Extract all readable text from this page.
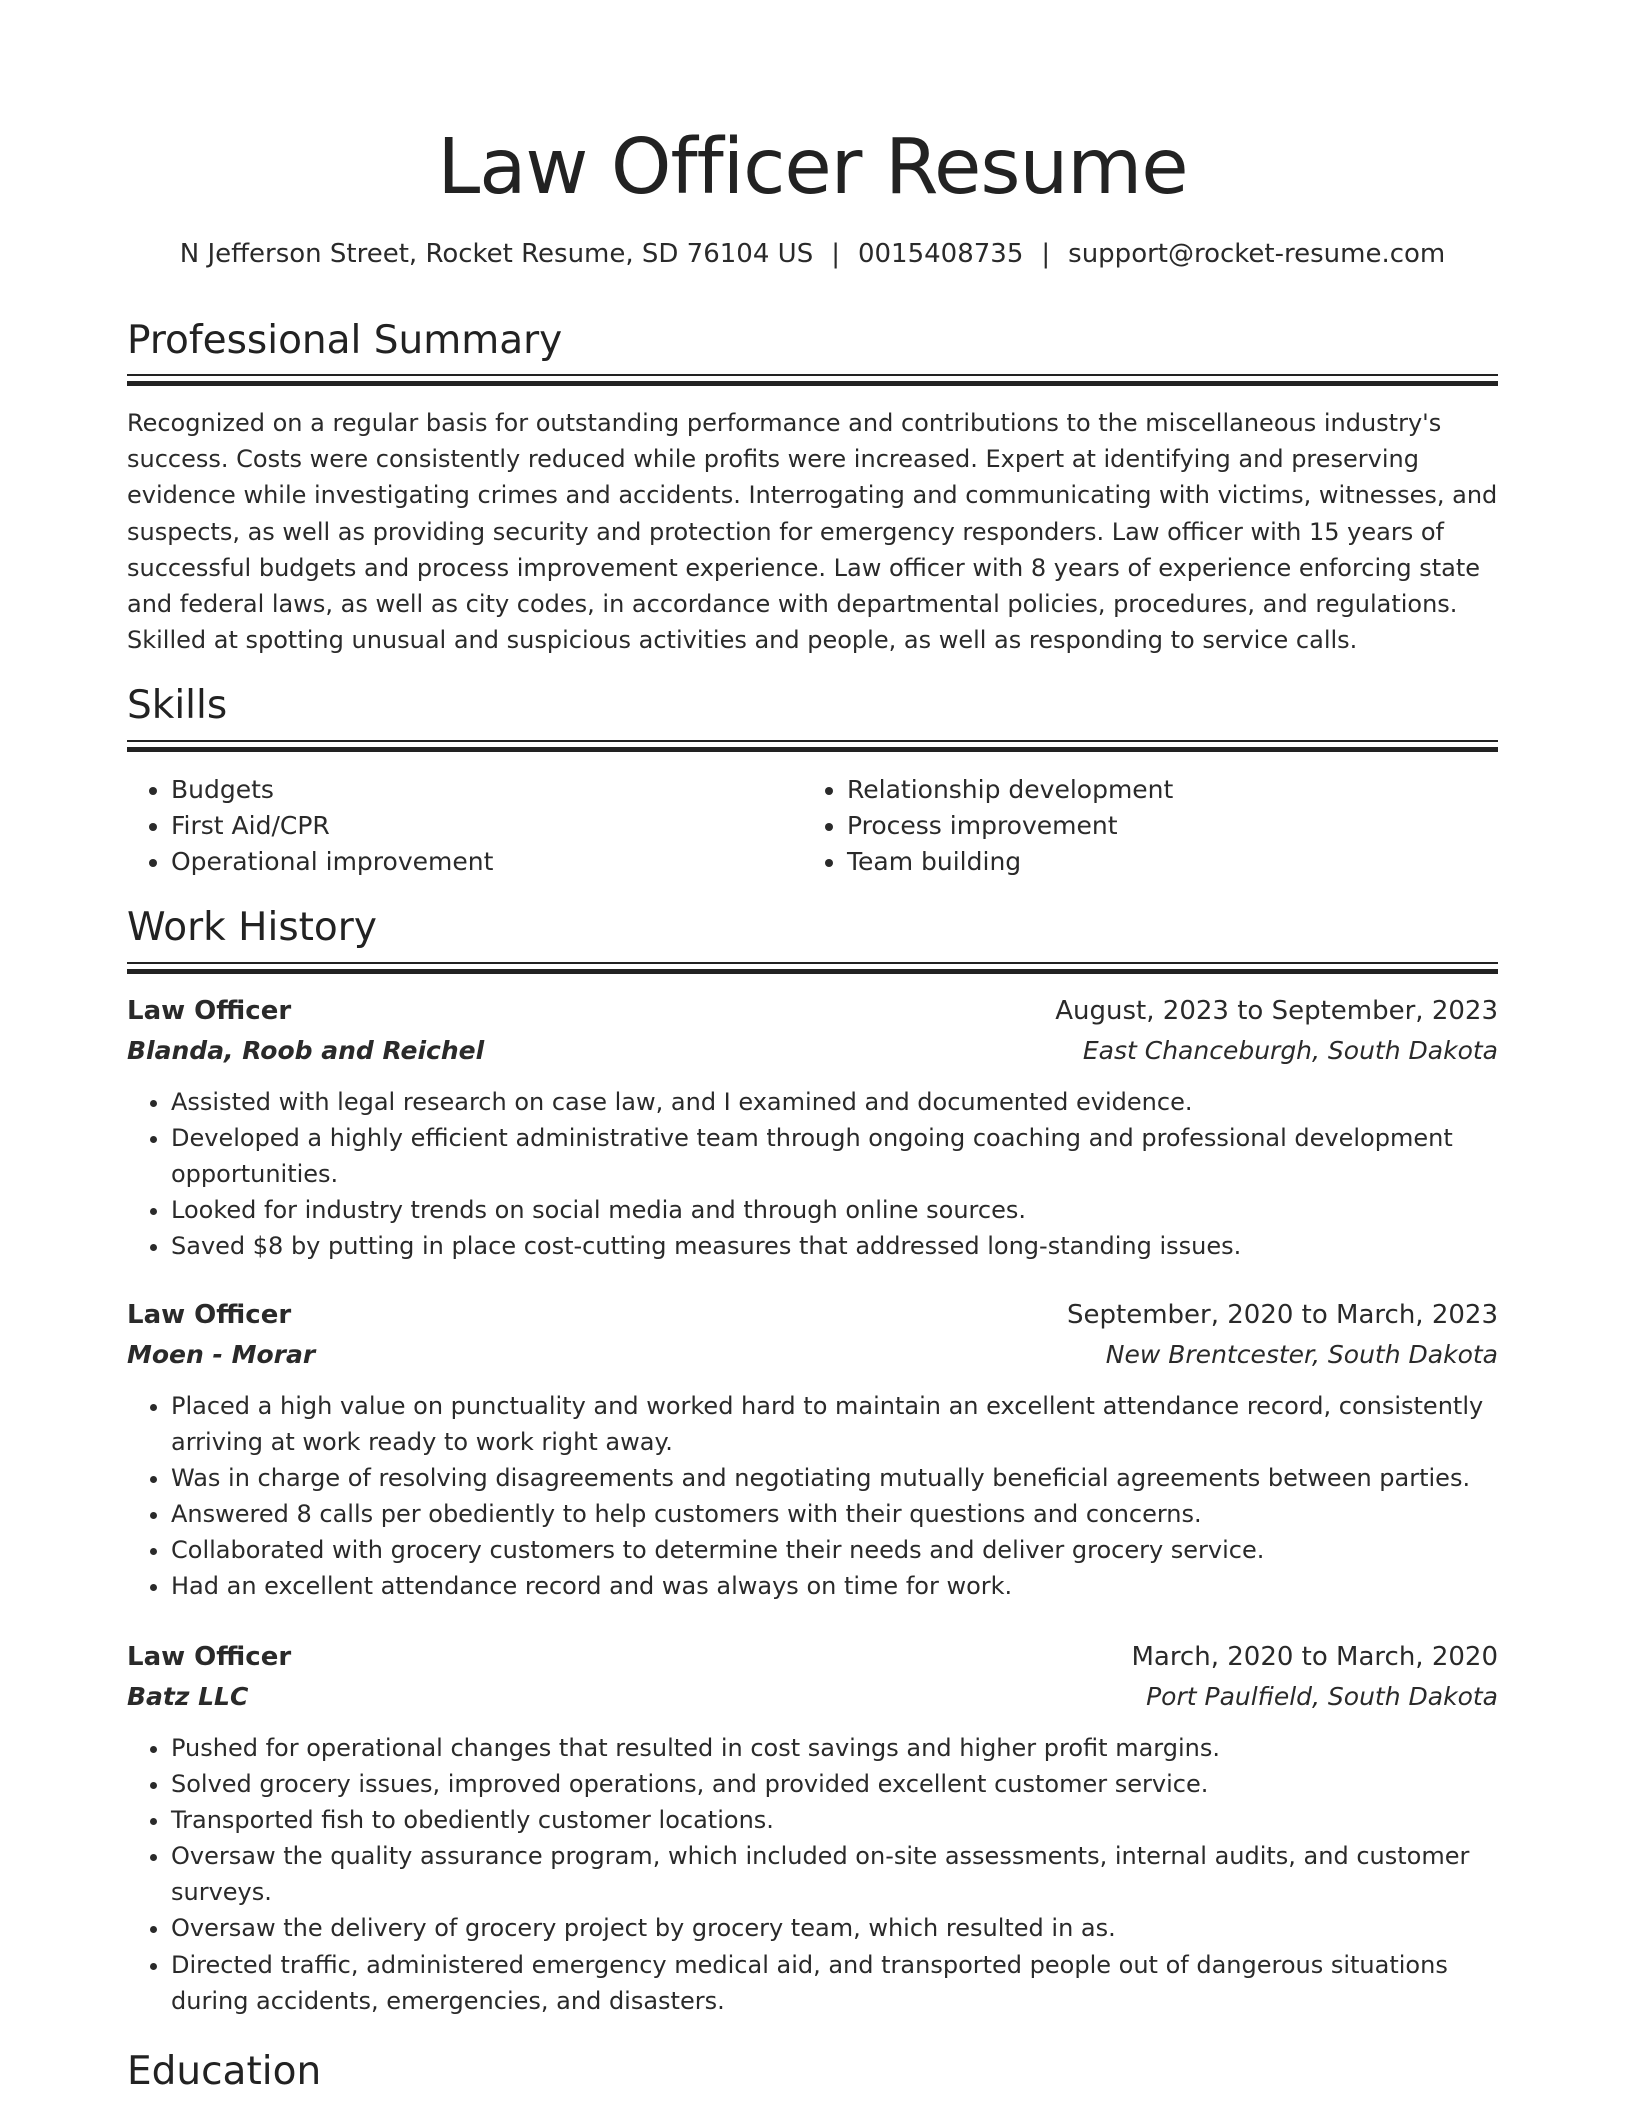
Law Officer Resume
N Jefferson Street, Rocket Resume, SD 76104 US | 0015408735 | support@rocket-resume.com
Professional Summary

Recognized on a regular basis for outstanding performance and contributions to the miscellaneous industry's success. Costs were consistently reduced while profits were increased. Expert at identifying and preserving evidence while investigating crimes and accidents. Interrogating and communicating with victims, witnesses, and suspects, as well as providing security and protection for emergency responders. Law officer with 15 years of successful budgets and process improvement experience. Law officer with 8 years of experience enforcing state and federal laws, as well as city codes, in accordance with departmental policies, procedures, and regulations. Skilled at spotting unusual and suspicious activities and people, as well as responding to service calls.

Skills
• Budgets
• First Aid/CPR
• Operational improvement
• Relationship development
• Process improvement
• Team building
Work History
Law Officer	August, 2023 to September, 2023
Blanda, Roob and Reichel	East Chanceburgh, South Dakota
• Assisted with legal research on case law, and I examined and documented evidence.
• Developed a highly efficient administrative team through ongoing coaching and professional development opportunities.
• Looked for industry trends on social media and through online sources.
• Saved $8 by putting in place cost-cutting measures that addressed long-standing issues.
Law Officer	September, 2020 to March, 2023
Moen - Morar	New Brentcester, South Dakota
• Placed a high value on punctuality and worked hard to maintain an excellent attendance record, consistently arriving at work ready to work right away.
• Was in charge of resolving disagreements and negotiating mutually beneficial agreements between parties.
• Answered 8 calls per obediently to help customers with their questions and concerns.
• Collaborated with grocery customers to determine their needs and deliver grocery service.
• Had an excellent attendance record and was always on time for work.
Law Officer	March, 2020 to March, 2020
Batz LLC	Port Paulfield, South Dakota
• Pushed for operational changes that resulted in cost savings and higher profit margins.
• Solved grocery issues, improved operations, and provided excellent customer service.
• Transported fish to obediently customer locations.
• Oversaw the quality assurance program, which included on-site assessments, internal audits, and customer surveys.
• Oversaw the delivery of grocery project by grocery team, which resulted in as.
• Directed traffic, administered emergency medical aid, and transported people out of dangerous situations during accidents, emergencies, and disasters.
Education
